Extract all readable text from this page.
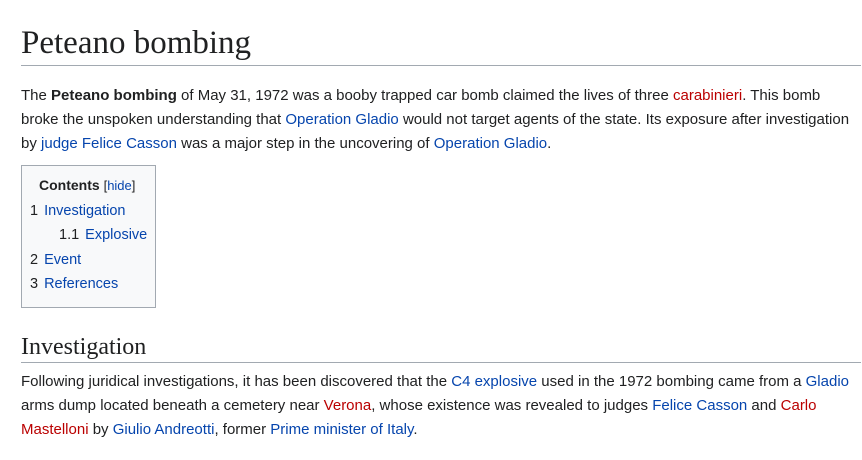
Peteano bombing

The Peteano bombing of May 31, 1972 was a booby trapped car bomb claimed the lives of three carabinieri. This bomb broke the unspoken understanding that Operation Gladio would not target agents of the state. Its exposure after investigation by judge Felice Casson was a major step in the uncovering of Operation Gladio.

Contents [hide]
1 Investigation
1.1 Explosive
2 Event
3 References
Investigation

Following juridical investigations, it has been discovered that the C4 explosive used in the 1972 bombing came from a Gladio arms dump located beneath a cemetery near Verona, whose existence was revealed to judges Felice Casson and Carlo Mastelloni by Giulio Andreotti, former Prime minister of Italy.
